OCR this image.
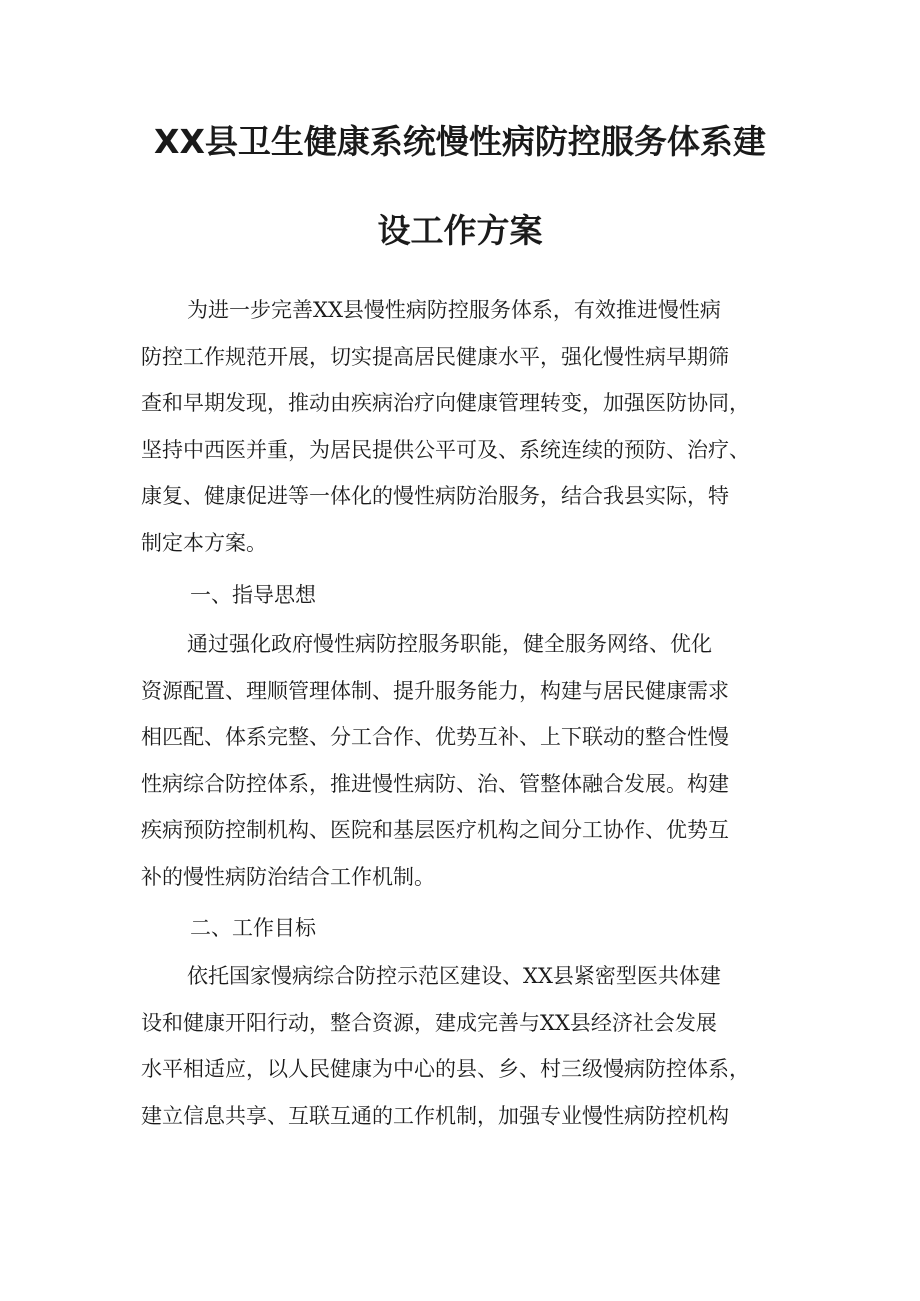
XX县卫生健康系统慢性病防控服务体系建
设工作方案
为进一步完善XX县慢性病防控服务体系，有效推进慢性病
防控工作规范开展，切实提高居民健康水平，强化慢性病早期筛
查和早期发现，推动由疾病治疗向健康管理转变，加强医防协同，
坚持中西医并重，为居民提供公平可及、系统连续的预防、治疗、
康复、健康促进等一体化的慢性病防治服务，结合我县实际，特
制定本方案。
一、指导思想
通过强化政府慢性病防控服务职能，健全服务网络、优化
资源配置、理顺管理体制、提升服务能力，构建与居民健康需求
相匹配、体系完整、分工合作、优势互补、上下联动的整合性慢
性病综合防控体系，推进慢性病防、治、管整体融合发展。构建
疾病预防控制机构、医院和基层医疗机构之间分工协作、优势互
补的慢性病防治结合工作机制。
二、工作目标
依托国家慢病综合防控示范区建设、XX县紧密型医共体建
设和健康开阳行动，整合资源，建成完善与XX县经济社会发展
水平相适应，以人民健康为中心的县、乡、村三级慢病防控体系，
建立信息共享、互联互通的工作机制，加强专业慢性病防控机构
